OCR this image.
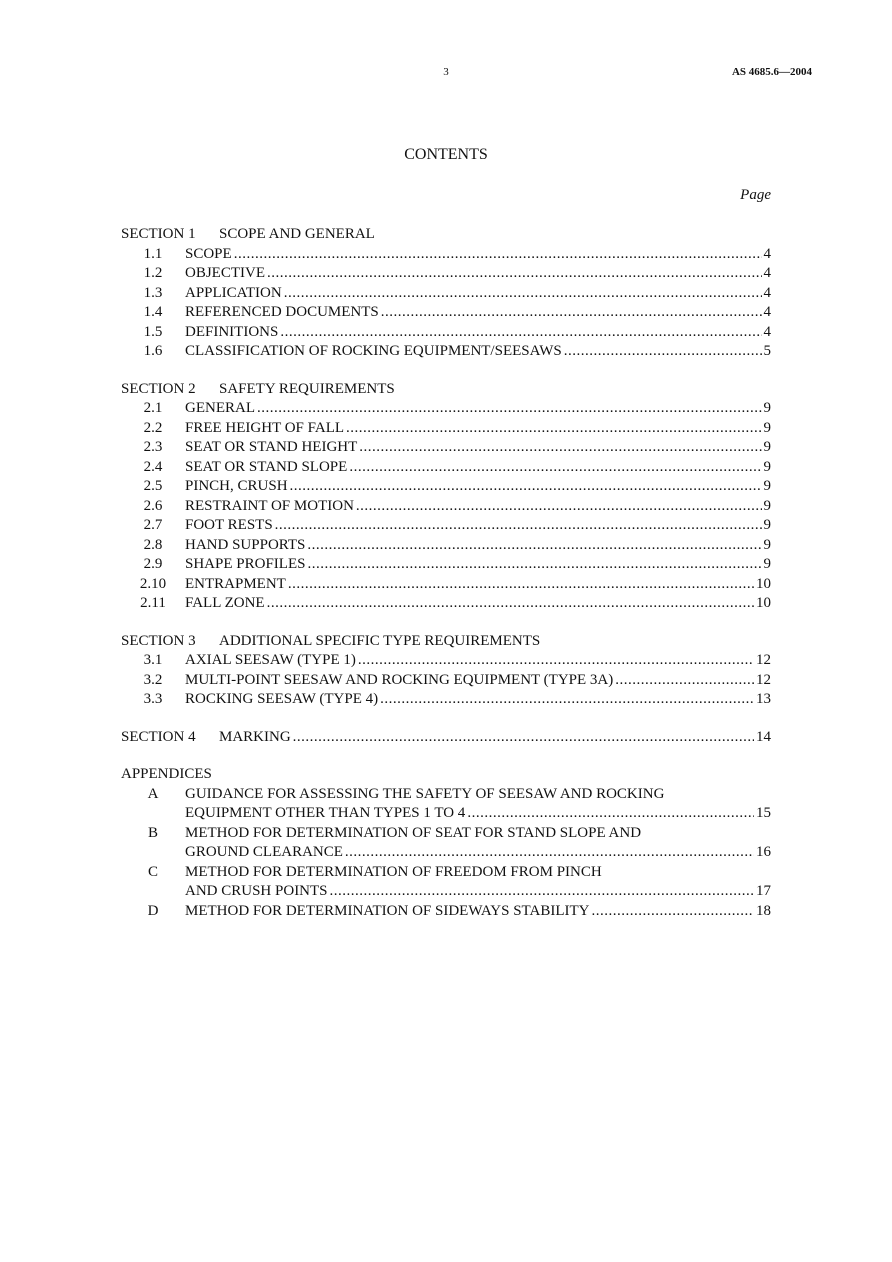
3	AS 4685.6—2004
CONTENTS
Page
SECTION 1 SCOPE AND GENERAL
1.1	SCOPE .....	4
1.2	OBJECTIVE .....	4
1.3	APPLICATION .....	4
1.4	REFERENCED DOCUMENTS .....	4
1.5	DEFINITIONS .....	4
1.6	CLASSIFICATION OF ROCKING EQUIPMENT/SEESAWS .....	5
SECTION 2 SAFETY REQUIREMENTS
2.1	GENERAL .....	9
2.2	FREE HEIGHT OF FALL .....	9
2.3	SEAT OR STAND HEIGHT .....	9
2.4	SEAT OR STAND SLOPE .....	9
2.5	PINCH, CRUSH .....	9
2.6	RESTRAINT OF MOTION .....	9
2.7	FOOT RESTS .....	9
2.8	HAND SUPPORTS .....	9
2.9	SHAPE PROFILES .....	9
2.10	ENTRAPMENT .....	10
2.11	FALL ZONE .....	10
SECTION 3 ADDITIONAL SPECIFIC TYPE REQUIREMENTS
3.1	AXIAL SEESAW (TYPE 1) .....	12
3.2	MULTI-POINT SEESAW AND ROCKING EQUIPMENT (TYPE 3A) .....	12
3.3	ROCKING SEESAW (TYPE 4) .....	13
SECTION 4	MARKING .....	14
APPENDICES
A	GUIDANCE FOR ASSESSING THE SAFETY OF SEESAW AND ROCKING
EQUIPMENT OTHER THAN TYPES 1 TO 4 .....	15
B	METHOD FOR DETERMINATION OF SEAT FOR STAND SLOPE AND
GROUND CLEARANCE .....	16
C	METHOD FOR DETERMINATION OF FREEDOM FROM PINCH
AND CRUSH POINTS .....	17
D	METHOD FOR DETERMINATION OF SIDEWAYS STABILITY .....	18
